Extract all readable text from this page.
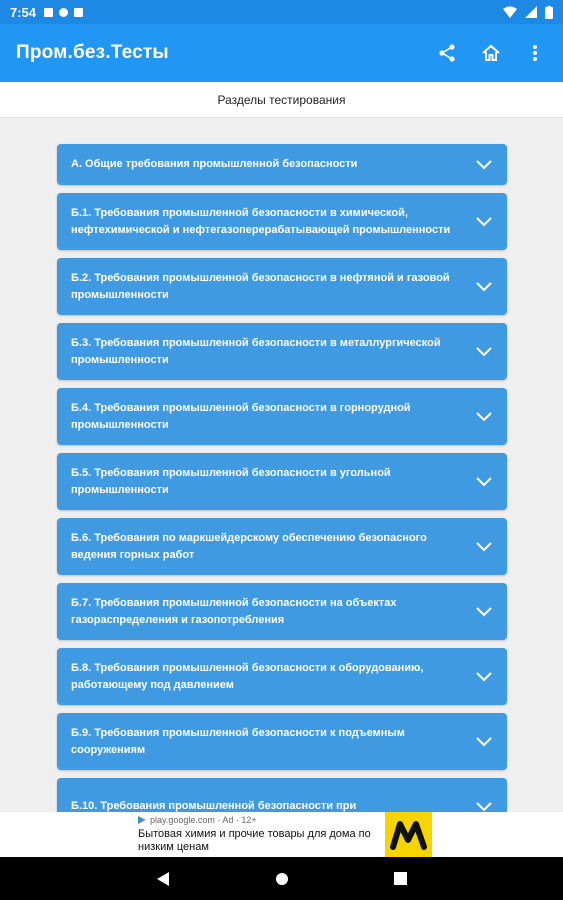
7:54
Пром.без.Тесты
Разделы тестирования
А. Общие требования промышленной безопасности
Б.1. Требования промышленной безопасности в химической, нефтехимической и нефтегазоперерабатывающей промышленности
Б.2. Требования промышленной безопасности в нефтяной и газовой промышленности
Б.3. Требования промышленной безопасности в металлургической промышленности
Б.4. Требования промышленной безопасности в горнорудной промышленности
Б.5. Требования промышленной безопасности в угольной промышленности
Б.6. Требования по маркшейдерскому обеспечению безопасного ведения горных работ
Б.7. Требования промышленной безопасности на объектах газораспределения и газопотребления
Б.8. Требования промышленной безопасности к оборудованию, работающему под давлением
Б.9. Требования промышленной безопасности к подъемным сооружениям
Б.10. Требования промышленной безопасности при
play.google.com · Ad · 12+
Бытовая химия и прочие товары для дома по низким ценам
